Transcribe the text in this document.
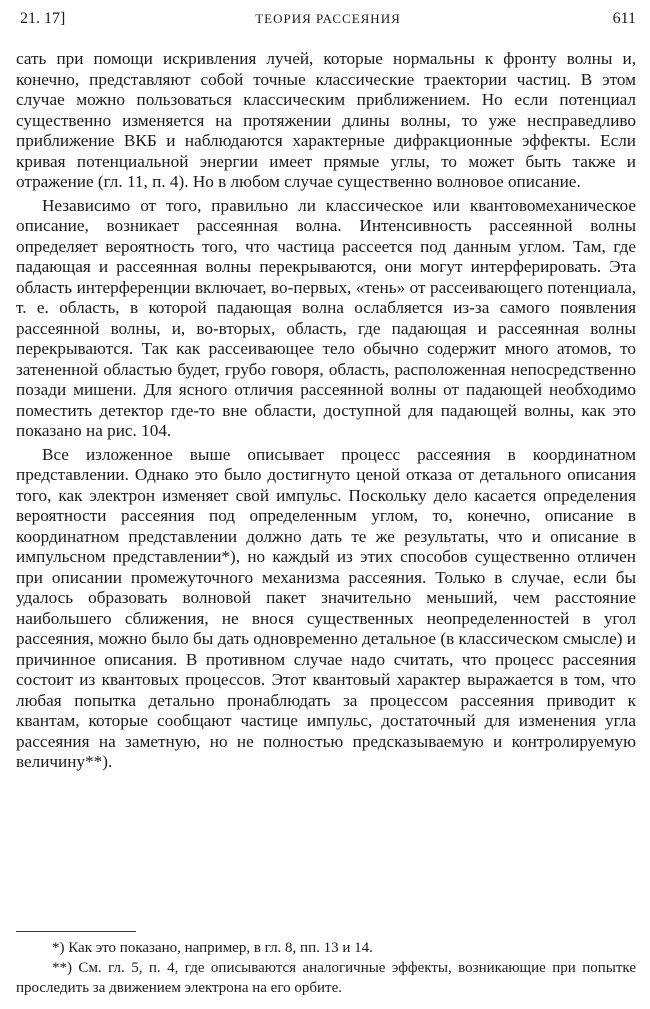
21. 17]	ТЕОРИЯ РАССЕЯНИЯ	611

сать при помощи искривления лучей, которые нормальны к фронту волны и, конечно, представляют собой точные классические траектории частиц. В этом случае можно пользоваться классическим приближением. Но если потенциал существенно изменяется на протяжении длины волны, то уже несправедливо приближение ВКБ и наблюдаются характерные дифракционные эффекты. Если кривая потенциальной энергии имеет прямые углы, то может быть также и отражение (гл. 11, п. 4). Но в любом случае существенно волновое описание.

Независимо от того, правильно ли классическое или квантовомеханическое описание, возникает рассеянная волна. Интенсивность рассеянной волны определяет вероятность того, что частица рассеется под данным углом. Там, где падающая и рассеянная волны перекрываются, они могут интерферировать. Эта область интерференции включает, во-первых, «тень» от рассеивающего потенциала, т. е. область, в которой падающая волна ослабляется из-за самого появления рассеянной волны, и, во-вторых, область, где падающая и рассеянная волны перекрываются. Так как рассеивающее тело обычно содержит много атомов, то затененной областью будет, грубо говоря, область, расположенная непосредственно позади мишени. Для ясного отличия рассеянной волны от падающей необходимо поместить детектор где-то вне области, доступной для падающей волны, как это показано на рис. 104.

Все изложенное выше описывает процесс рассеяния в координатном представлении. Однако это было достигнуто ценой отказа от детального описания того, как электрон изменяет свой импульс. Поскольку дело касается определения вероятности рассеяния под определенным углом, то, конечно, описание в координатном представлении должно дать те же результаты, что и описание в импульсном представлении*), но каждый из этих способов существенно отличен при описании промежуточного механизма рассеяния. Только в случае, если бы удалось образовать волновой пакет значительно меньший, чем расстояние наибольшего сближения, не внося существенных неопределенностей в угол рассеяния, можно было бы дать одновременно детальное (в классическом смысле) и причинное описания. В противном случае надо считать, что процесс рассеяния состоит из квантовых процессов. Этот квантовый характер выражается в том, что любая попытка детально пронаблюдать за процессом рассеяния приводит к квантам, которые сообщают частице импульс, достаточный для изменения угла рассеяния на заметную, но не полностью предсказываемую и контролируемую величину**).

*) Как это показано, например, в гл. 8, пп. 13 и 14.

**) См. гл. 5, п. 4, где описываются аналогичные эффекты, возникающие при попытке проследить за движением электрона на его орбите.
